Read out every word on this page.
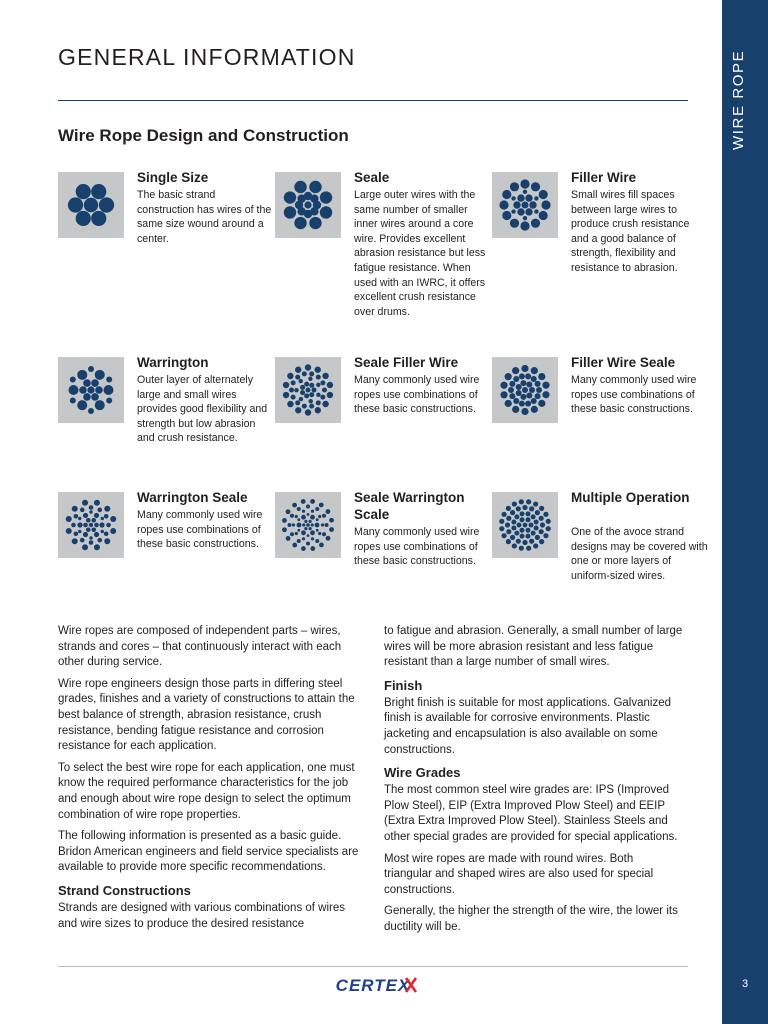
3
GENERAL INFORMATION
Wire Rope Design and Construction
Single Size

The basic strand construction has wires of the same size wound around a center.

Seale

Large outer wires with the same number of smaller inner wires around a core wire. Provides excellent abrasion resistance but less fatigue resistance. When used with an IWRC, it offers excellent crush resistance over drums.

Filler Wire

Small wires fill spaces between large wires to produce crush resistance and a good balance of strength, flexibility and resistance to abrasion.

Warrington

Outer layer of alternately large and small wires provides good flexibility and strength but low abrasion and crush resistance.

Seale Filler Wire

Many commonly used wire ropes use combinations of these basic constructions.

Filler Wire Seale

Many commonly used wire ropes use combinations of these basic constructions.

Warrington Seale

Many commonly used wire ropes use combinations of these basic constructions.

Seale Warrington Scale

Many commonly used wire ropes use combinations of these basic constructions.

Multiple Operation

One of the avoce strand designs may be covered with one or more layers of uniform-sized wires.

Wire ropes are composed of independent parts – wires, strands and cores – that continuously interact with each other during service.

Wire rope engineers design those parts in differing steel grades, finishes and a variety of constructions to attain the best balance of strength, abrasion resistance, crush resistance, bending fatigue resistance and corrosion resistance for each application.

To select the best wire rope for each application, one must know the required performance characteristics for the job and enough about wire rope design to select the optimum combination of wire rope properties.

The following information is presented as a basic guide. Bridon American engineers and field service specialists are available to provide more specific recommendations.

Strand Constructions

Strands are designed with various combinations of wires and wire sizes to produce the desired resistance

to fatigue and abrasion. Generally, a small number of large wires will be more abrasion resistant and less fatigue resistant than a large number of small wires.

Finish

Bright finish is suitable for most applications. Galvanized finish is available for corrosive environments. Plastic jacketing and encapsulation is also available on some constructions.

Wire Grades

The most common steel wire grades are: IPS (Improved Plow Steel), EIP (Extra Improved Plow Steel) and EEIP (Extra Extra Improved Plow Steel). Stainless Steels and other special grades are provided for special applications.

Most wire ropes are made with round wires. Both triangular and shaped wires are also used for special constructions.

Generally, the higher the strength of the wire, the lower its ductility will be.

CERTEX
